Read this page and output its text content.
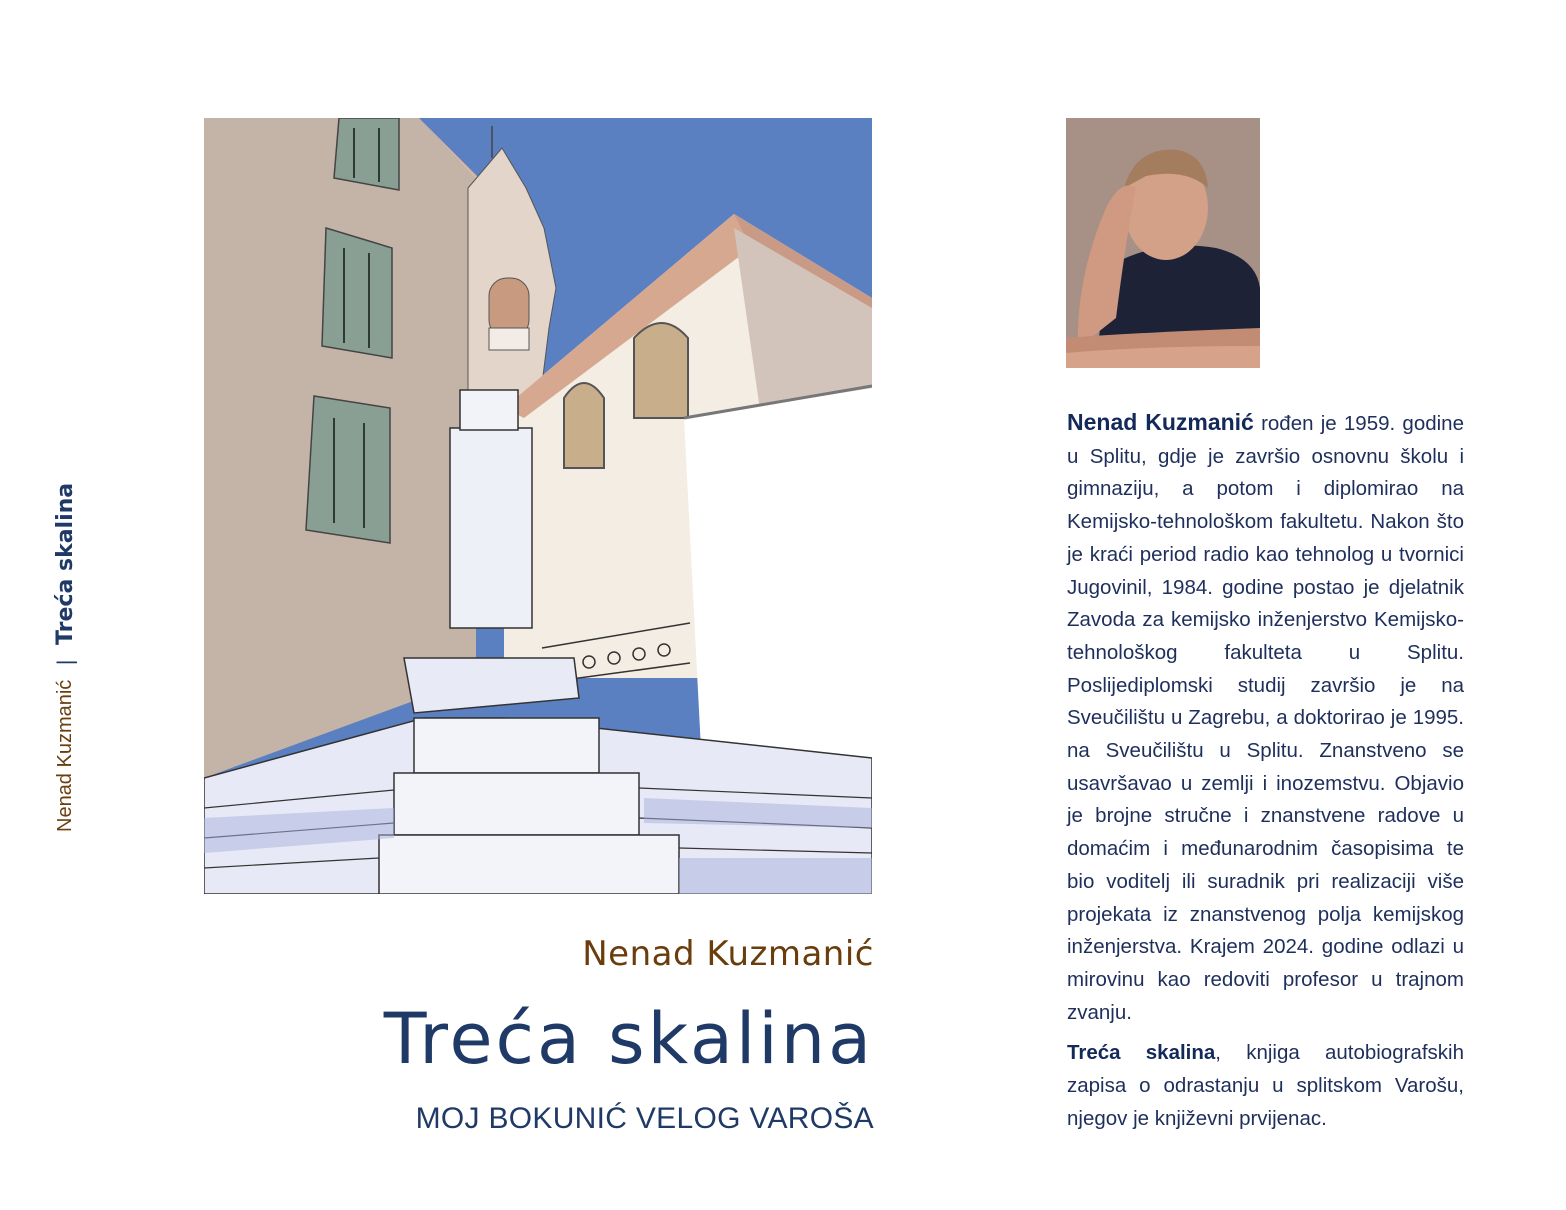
Nenad Kuzmanić
|
Treća skalina
Nenad Kuzmanić
Treća skalina
MOJ BOKUNIĆ VELOG VAROŠA

Nenad Kuzmanić rođen je 1959. godine u Splitu, gdje je završio osnovnu školu i gimnaziju, a potom i diplomirao na Kemijsko-tehnološkom fakultetu. Nakon što je kraći period radio kao tehnolog u tvornici Jugovinil, 1984. godine postao je djelatnik Zavoda za kemijsko inženjerstvo Kemijsko-tehnološkog fakulteta u Splitu. Poslijediplomski studij završio je na Sveučilištu u Zagrebu, a doktorirao je 1995. na Sveučilištu u Splitu. Znanstveno se usavršavao u zemlji i inozemstvu. Objavio je brojne stručne i znanstvene radove u domaćim i međunarodnim časopisima te bio voditelj ili suradnik pri realizaciji više projekata iz znanstvenog polja kemijskog inženjerstva. Krajem 2024. godine odlazi u mirovinu kao redoviti profesor u trajnom zvanju.

Treća skalina, knjiga autobiografskih zapisa o odrastanju u splitskom Varošu, njegov je književni prvijenac.
